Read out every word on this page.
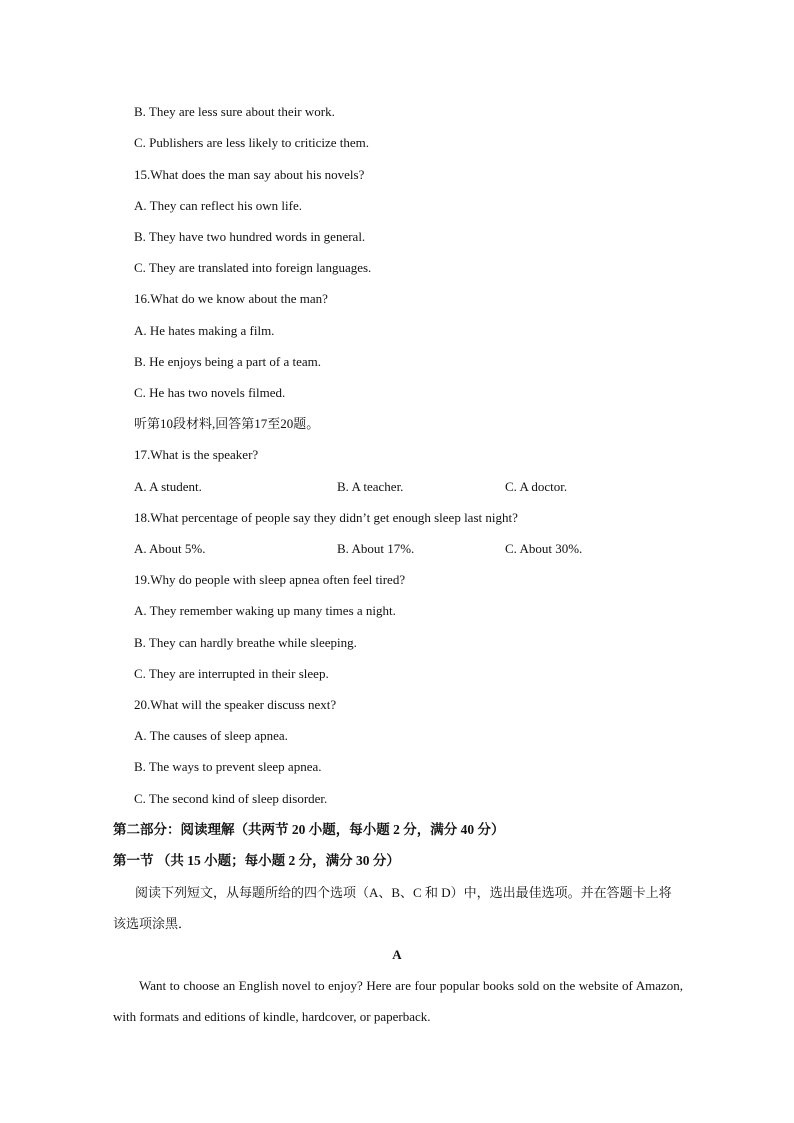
B. They are less sure about their work.
C. Publishers are less likely to criticize them.
15.What does the man say about his novels?
A. They can reflect his own life.
B. They have two hundred words in general.
C. They are translated into foreign languages.
16.What do we know about the man?
A. He hates making a film.
B. He enjoys being a part of a team.
C. He has two novels filmed.
听第10段材料,回答第17至20题。
17.What is the speaker?
A. A student.	B. A teacher.	C. A doctor.
18.What percentage of people say they didn’t get enough sleep last night?
A. About 5%.	B. About 17%.	C. About 30%.
19.Why do people with sleep apnea often feel tired?
A. They remember waking up many times a night.
B. They can hardly breathe while sleeping.
C. They are interrupted in their sleep.
20.What will the speaker discuss next?
A. The causes of sleep apnea.
B. The ways to prevent sleep apnea.
C. The second kind of sleep disorder.
第二部分：阅读理解（共两节 20 小题，每小题 2 分，满分 40 分）
第一节 （共 15 小题；每小题 2 分，满分 30 分）
阅读下列短文，从每题所给的四个选项（A、B、C 和 D）中，选出最佳选项。并在答题卡上将该选项涂黑．
A
Want to choose an English novel to enjoy? Here are four popular books sold on the website of Amazon, with formats and editions of kindle, hardcover, or paperback.
